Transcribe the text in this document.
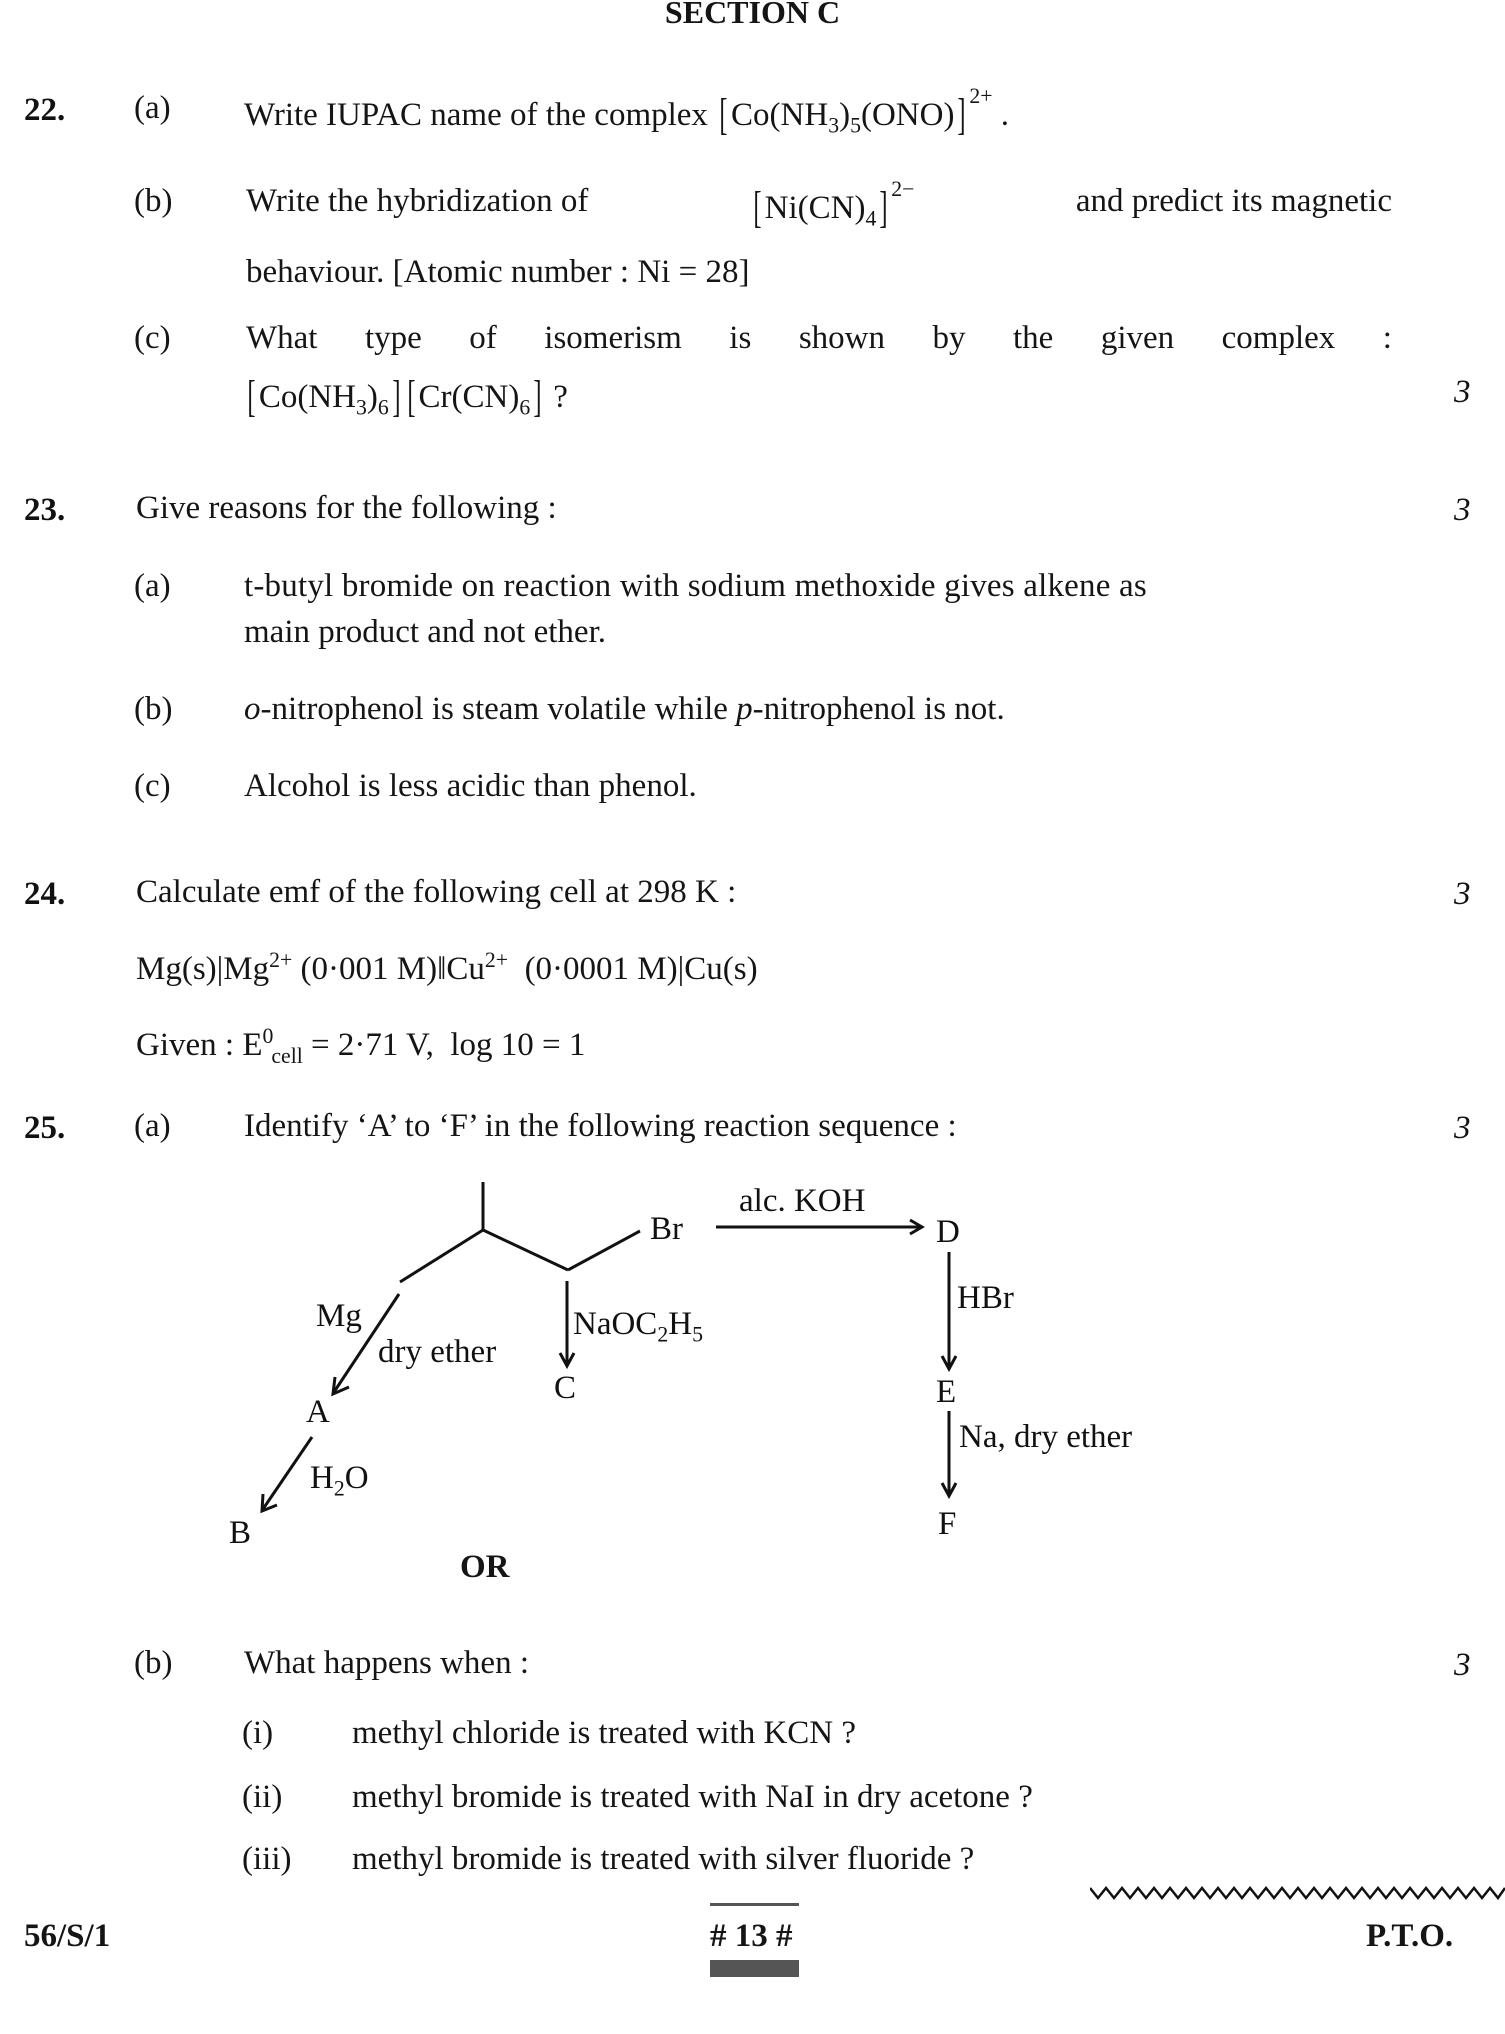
SECTION C
22. (a) Write IUPAC name of the complex [ $Co(NH_3)_5(ONO)$] $^{2+}$ .
(b) Write the hybridization of	[ $Ni(CN)_4$] $^{2-}$	and predict its magnetic
behaviour. [Atomic number : Ni = 28]
(c) What type of isomerism is shown by the given complex :
[ $Co(NH_3)_6$] [ $Cr(CN)_6$] ?	3
23. Give reasons for the following :	3
(a) t-butyl bromide on reaction with sodium methoxide gives alkene as
main product and not ether.
(b) o-nitrophenol is steam volatile while p-nitrophenol is not.
(c) Alcohol is less acidic than phenol.
24. Calculate emf of the following cell at 298 K :	3
$Mg(s)|Mg^{2+}$ (0·001 $M)‖Cu^{2+}$  (0·0001 M)|Cu(s)
Given : $E^0_{cell} = 2\cdot 71$ V,  log 10 = 1
25. (a) Identify ‘A’ to ‘F’ in the following reaction sequence :	3
Br
alc. KOH
D
HBr
E
Na, dry ether
F
Mg
dry ether
A
$H_2O$
B
$NaOC_2H_5$
C
OR
(b) What happens when :	3
(i) methyl chloride is treated with KCN ?
(ii) methyl bromide is treated with NaI in dry acetone ?
(iii) methyl bromide is treated with silver fluoride ?
56/S/1	# 13 #	P.T.O.
